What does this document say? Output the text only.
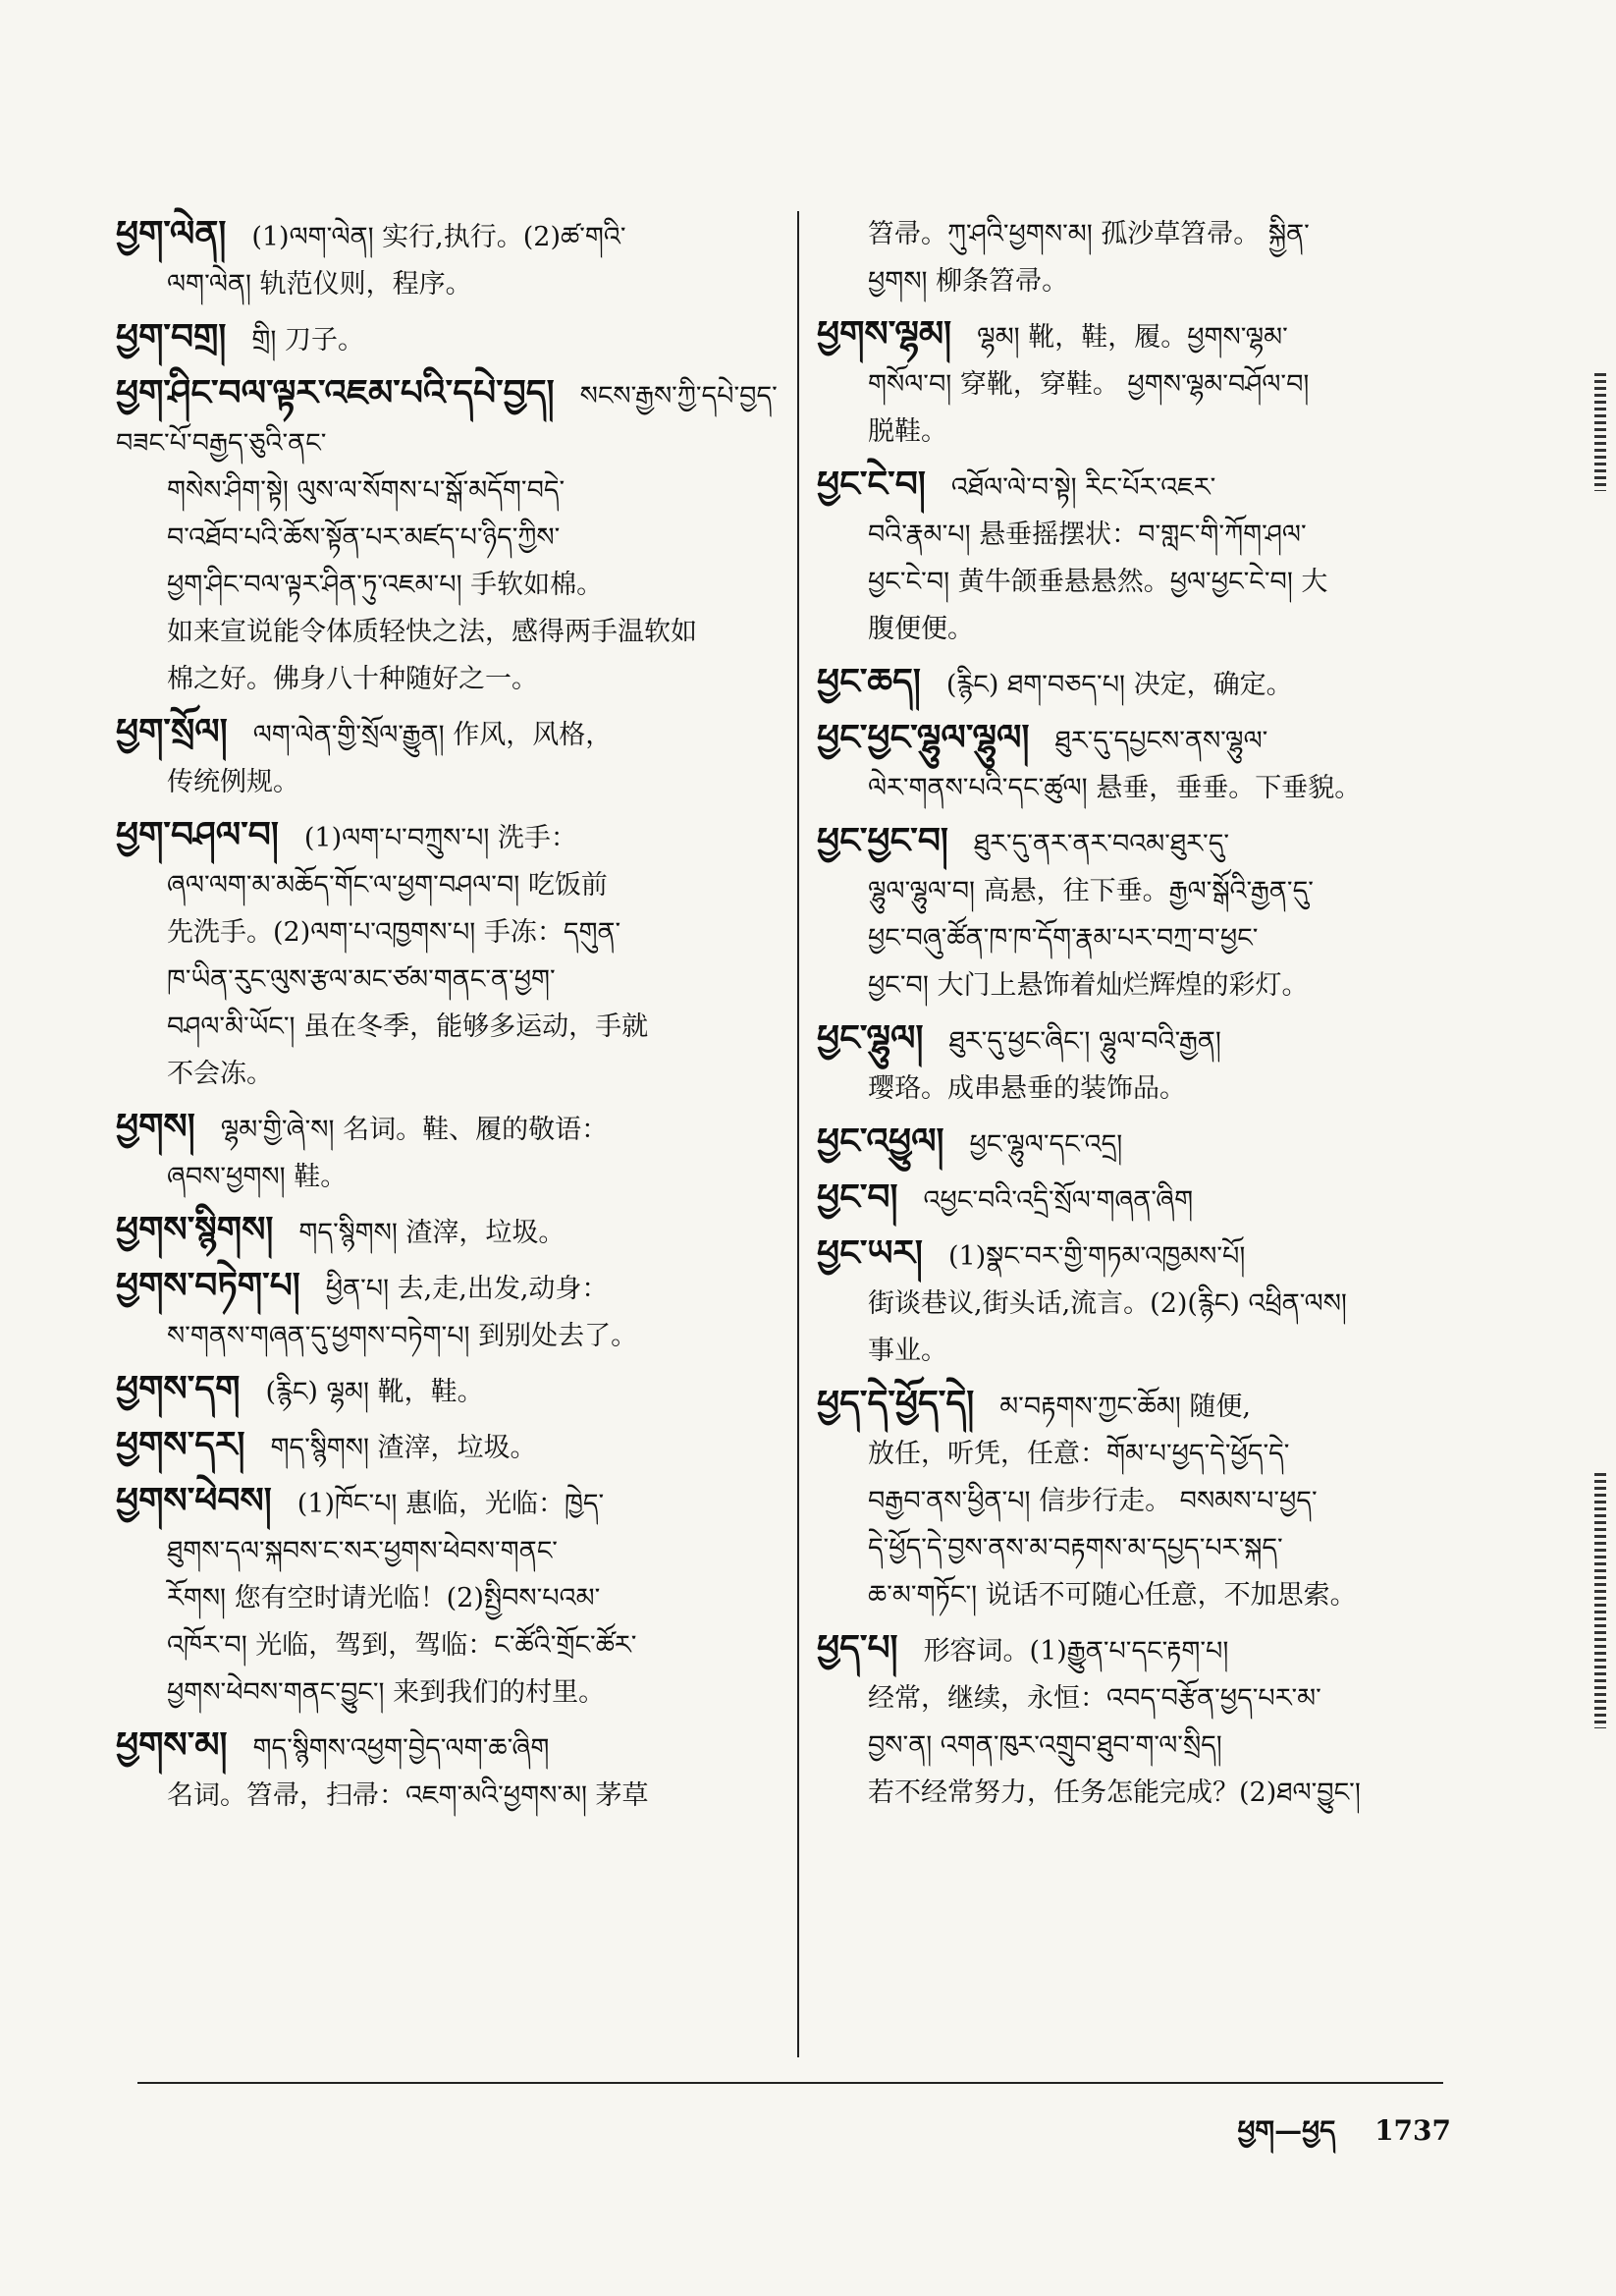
ཕྱག་ལེན། (1)ལག་ལེན། 实行,执行。(2)ཚ་གའི་
ལག་ལེན། 轨范仪则，程序。
ཕྱག་བགྲ། གྲི། 刀子。
ཕྱག་ཤིང་བལ་ལྟར་འཇམ་པའི་དཔེ་བྱད། སངས་རྒྱས་ཀྱི་དཔེ་བྱད་བཟང་པོ་བརྒྱད་ཅུའི་ནང་
གསེས་ཤིག་སྟེ། ལུས་ལ་སོགས་པ་སྒོ་མདོག་བདེ་
བ་འཐོབ་པའི་ཆོས་སྟོན་པར་མཛད་པ་ཉིད་ཀྱིས་
ཕྱག་ཤིང་བལ་ལྟར་ཤིན་ཏུ་འཇམ་པ། 手软如棉。
如来宣说能令体质轻快之法，感得两手温软如
棉之好。佛身八十种随好之一。
ཕྱག་སྲོལ། ལག་ལེན་གྱི་སྲོལ་རྒྱུན། 作风，风格，
传统例规。
ཕྱག་བཤལ་བ། (1)ལག་པ་བཀྲུས་པ། 洗手：
ཞལ་ལག་མ་མཆོད་གོང་ལ་ཕྱག་བཤལ་བ། 吃饭前
先洗手。(2)ལག་པ་འཁྱགས་པ། 手冻：དགུན་
ཁ་ཡིན་རུང་ལུས་རྩལ་མང་ཙམ་གནང་ན་ཕྱག་
བཤལ་མི་ཡོང་། 虽在冬季，能够多运动，手就
不会冻。
ཕྱགས། ལྷམ་གྱི་ཞེ་ས། 名词。鞋、履的敬语：
ཞབས་ཕྱགས། 鞋。
ཕྱགས་སྙིགས། གད་སྙིགས། 渣滓，垃圾。
ཕྱགས་བཏེག་པ། ཕྱིན་པ། 去,走,出发,动身：
ས་གནས་གཞན་དུ་ཕྱགས་བཏེག་པ། 到别处去了。
ཕྱགས་དག (རྙིང) ལྷམ། 靴，鞋。
ཕྱགས་དར། གད་སྙིགས། 渣滓，垃圾。
ཕྱགས་ཕེབས། (1)ཁོང་པ། 惠临，光临：ཁྱེད་
ཐུགས་དལ་སྐབས་ང་སར་ཕྱགས་ཕེབས་གནང་
རོགས། 您有空时请光临！(2)སྤྱིབས་པའམ་
འཁོར་བ། 光临，驾到，驾临：ང་ཚོའི་གྲོང་ཚོར་
ཕྱགས་ཕེབས་གནང་བྱུང་། 来到我们的村里。
ཕྱགས་མ། གད་སྙིགས་འཕྱག་བྱེད་ལག་ཆ་ཞིག
名词。笤帚，扫帚：འཇག་མའི་ཕྱགས་མ། 茅草
笤帚。ཀུ་ཤའི་ཕྱགས་མ། 孤沙草笤帚。 སྐྱིན་
ཕྱགས། 柳条笤帚。
ཕྱགས་ལྷམ། ལྷམ། 靴，鞋，履。ཕྱགས་ལྷམ་
གསོལ་བ། 穿靴，穿鞋。 ཕྱགས་ལྷམ་བཤོལ་བ།
脱鞋。
ཕྱང་ངེ་བ། འཐོལ་ལེ་བ་སྟེ། རིང་པོར་འཇར་
བའི་རྣམ་པ། 悬垂摇摆状：བ་གླང་གི་ཀོག་ཤལ་
ཕྱང་ངེ་བ། 黄牛颌垂悬悬然。ཕྱལ་ཕྱང་ངེ་བ། 大
腹便便。
ཕྱང་ཆད། (རྙིང) ཐག་བཅད་པ། 决定，确定。
ཕྱང་ཕྱང་ལྷུལ་ལྷུལ། ཐུར་དུ་དཔྱངས་ནས་ལྷུལ་
ལེར་གནས་པའི་དང་ཚུལ། 悬垂，垂垂。下垂貌。
ཕྱང་ཕྱང་བ། ཐུར་དུ་ནར་ནར་བའམ་ཐུར་དུ་
ལྷུལ་ལྷུལ་བ། 高悬，往下垂。རྒྱལ་སྒོའི་རྒྱན་དུ་
ཕྱང་བཞུ་ཚོན་ཁ་ཁ་དོག་རྣམ་པར་བཀྲ་བ་ཕྱང་
ཕྱང་བ། 大门上悬饰着灿烂辉煌的彩灯。
ཕྱང་ལྷུལ། ཐུར་དུ་ཕྱང་ཞིང་། ལྷུལ་བའི་རྒྱན།
璎珞。成串悬垂的装饰品。
ཕྱང་འཕྱུལ། ཕྱང་ལྷུལ་དང་འདྲ།
ཕྱང་བ། འཕྱང་བའི་འདྲི་སྲོལ་གཞན་ཞིག
ཕྱང་ཡར། (1)སྣང་བར་གྱི་གཏམ་འཁྱམས་པོ།
街谈巷议,街头话,流言。(2)(རྙིང) འཕྲིན་ལས།
事业。
ཕྱད་དེ་ཕྱོད་དེ། མ་བརྟགས་ཀྱང་ཆོམ། 随便,
放任，听凭，任意：གོམ་པ་ཕྱད་དེ་ཕྱོད་དེ་
བརྒྱབ་ནས་ཕྱིན་པ། 信步行走。 བསམས་པ་ཕྱད་
དེ་ཕྱོད་དེ་བྱས་ནས་མ་བརྟགས་མ་དཔྱད་པར་སྐད་
ཆ་མ་གཏོང་། 说话不可随心任意，不加思索。
ཕྱད་པ། 形容词。(1)རྒྱུན་པ་དང་རྟག་པ།
经常，继续，永恒：འབད་བརྩོན་ཕྱད་པར་མ་
བྱས་ན། འགན་ཁུར་འགྲུབ་ཐུབ་ག་ལ་སྲིད།
若不经常努力，任务怎能完成？(2)ཐལ་བྱུང་།
ཕྱག—ཕྱད 1737
